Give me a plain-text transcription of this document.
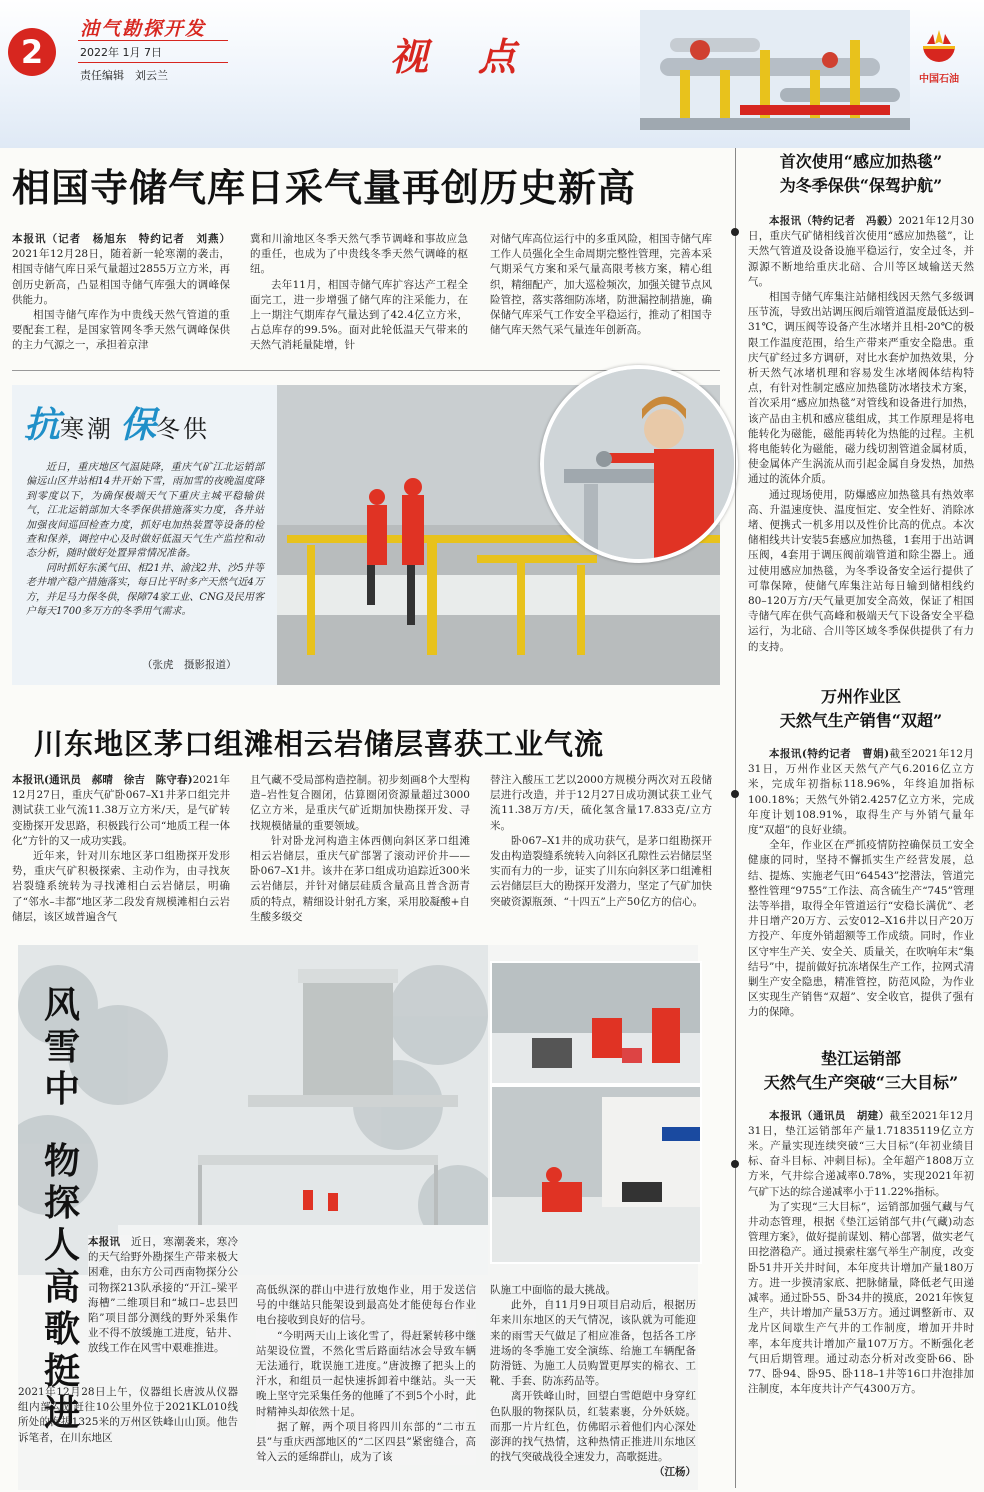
2
油气勘探开发
2022年 1月 7日
责任编辑　刘云兰	视　点
中国石油
相国寺储气库日采气量再创历史新高

本报讯（记者　杨旭东　特约记者　刘燕）2021年12月28日，随着新一轮寒潮的袭击，相国寺储气库日采气量超过2855万立方米，再创历史新高，凸显相国寺储气库强大的调峰保供能力。

相国寺储气库作为中贵线天然气管道的重要配套工程，是国家管网冬季天然气调峰保供的主力气源之一，承担着京津

冀和川渝地区冬季天然气季节调峰和事故应急的重任，也成为了中贵线冬季天然气调峰的枢纽。

去年11月，相国寺储气库扩容达产工程全面完工，进一步增强了储气库的注采能力，在上一期注气期库存气量达到了42.4亿立方米，占总库存的99.5%。面对此轮低温天气带来的天然气消耗量陡增，针

对储气库高位运行中的多重风险，相国寺储气库工作人员强化全生命周期完整性管理，完善本采气期采气方案和采气量高限考核方案，精心组织，精细配产，加大巡检频次，加强关键节点风险管控，落实落细防冻堵，防泄漏控制措施，确保储气库采气工作安全平稳运行，推动了相国寺储气库天然气采气量连年创新高。

抗寒潮 保冬供

近日，重庆地区气温陡降，重庆气矿江北运销部偏远山区井站相14井开始下雪，雨加雪的夜晚温度降到零度以下，为确保极端天气下重庆主城平稳输供气，江北运销部加大冬季保供措施落实力度，各井站加强夜间巡回检查力度，抓好电加热装置等设备的检查和保养，调控中心及时做好低温天气生产监控和动态分析，随时做好处置异常情况准备。

同时抓好东溪气田、相21井、渝浅2井、沙5井等老井增产稳产措施落实，每日比平时多产天然气近4万方，并足马力保冬供，保障74家工业、CNG及民用客户每天1700多万方的冬季用气需求。

（张虎　摄影报道）
川东地区茅口组滩相云岩储层喜获工业气流

本报讯(通讯员　郝晴　徐吉　陈守春)2021年12月27日，重庆气矿卧067–X1井茅口组完井测试获工业气流11.38万立方米/天，是气矿转变勘探开发思路，积极践行公司“地质工程一体化”方针的又一成功实践。

近年来，针对川东地区茅口组勘探开发形势，重庆气矿积极探索、主动作为，由寻找灰岩裂缝系统转为寻找滩相白云岩储层，明确了“邻水–丰都”地区茅二段发育规模滩相白云岩储层，该区域普遍含气

且气藏不受局部构造控制。初步刻画8个大型构造–岩性复合圈闭，估算圈闭资源量超过3000亿立方米，是重庆气矿近期加快勘探开发、寻找规模储量的重要领域。

针对卧龙河构造主体西侧向斜区茅口组滩相云岩储层，重庆气矿部署了滚动评价井——卧067–X1井。该井在茅口组成功追踪近300米云岩储层，并针对储层硅质含量高且普含沥青质的特点，精细设计射孔方案，采用胶凝酸+自生酸多级交

替注入酸压工艺以2000方规模分两次对五段储层进行改造，并于12月27日成功测试获工业气流11.38万方/天，硫化氢含量17.833克/立方米。

卧067–X1井的成功获气，是茅口组勘探开发由构造裂缝系统转入向斜区孔隙性云岩储层坚实而有力的一步，证实了川东向斜区茅口组滩相云岩储层巨大的勘探开发潜力，坚定了气矿加快突破资源瓶颈、“十四五”上产50亿方的信心。

风雪中
物探人高歌挺进

本报讯　 近日，寒潮袭来，寒冷的天气给野外勘探生产带来极大困难，由东方公司西南物探分公司物探213队承接的“开江–梁平海槽”二维项目和“城口–忠县凹陷”项目部分测线的野外采集作业不得不放缓施工进度，钻井、放线工作在风雪中艰难推进。

2021年12月28日上午，仪器组长唐波从仪器组内部勾划赶往10公里外位于2021KL010线所处的海拔1325米的万州区铁峰山山顶。他告诉笔者，在川东地区

高低纵深的群山中进行放炮作业，用于发送信号的中继站只能架设到最高处才能使每台作业电台接收到良好的信号。

“今明两天山上该化雪了，得赶紧转移中继站架设位置，不然化雪后路面结冰会导致车辆无法通行，耽误施工进度。”唐波擦了把头上的汗水，和组员一起快速拆卸着中继站。头一天晚上坚守完采集任务的他睡了不到5个小时，此时精神头却依然十足。

据了解，两个项目将四川东部的“二市五县”与重庆西部地区的“二区四县”紧密缝合，高耸入云的延绵群山，成为了该

队施工中面临的最大挑战。

此外，自11月9日项目启动后，根据历年来川东地区的天气情况，该队就为可能迎来的雨雪天气做足了相应准备，包括各工序进场的冬季施工安全演练、给施工车辆配备防滑链、为施工人员购置更厚实的棉衣、工靴、手套、防冻药品等。

离开铁峰山时，回望白雪皑皑中身穿红色队服的物探队员，红装素裹，分外妖娆。而那一片片红色，仿佛昭示着他们内心深处澎湃的找气热情，这种热情正推进川东地区的找气突破战役全速发力，高歌挺进。

（江杨）
首次使用“感应加热毯”
为冬季保供“保驾护航”

本报讯（特约记者　冯毅）2021年12月30日，重庆气矿储相线首次使用“感应加热毯”，让天然气管道及设备设施平稳运行，安全过冬，并源源不断地给重庆北碚、合川等区域输送天然气。

相国寺储气库集注站储相线因天然气多级调压节流，导致出站调压阀后端管道温度最低达到–31℃，调压阀等设备产生冰堵并且相-20℃的极限工作温度范围，给生产带来严重安全隐患。重庆气矿经过多方调研，对比水套炉加热效果，分析天然气冰堵机理和容易发生冰堵阀体结构特点，有针对性制定感应加热毯防冰堵技术方案，首次采用“感应加热毯”对管线和设备进行加热，该产品由主机和感应毯组成，其工作原理是将电能转化为磁能，磁能再转化为热能的过程。主机将电能转化为磁能，磁力线切割管道金属材质，使金属体产生涡流从而引起金属自身发热，加热通过的流体介质。

通过现场使用，防爆感应加热毯具有热效率高、升温速度快、温度恒定、安全性好、消除冰堵、便携式一机多用以及性价比高的优点。本次储相线共计安装5套感应加热毯，1套用于出站调压阀，4套用于调压阀前端管道和除尘器上。通过使用感应加热毯，为冬季设备安全运行提供了可靠保障，使储气库集注站每日输到储相线约80–120万方/天气量更加安全高效，保证了相国寺储气库在供气高峰和极端天气下设备安全平稳运行，为北碚、合川等区域冬季保供提供了有力的支持。

万州作业区
天然气生产销售“双超”

本报讯(特约记者　曹娟)截至2021年12月31日，万州作业区天然气产气6.2016亿立方米，完成年初指标118.96%，年终追加指标100.18%；天然气外销2.4257亿立方米，完成年度计划108.91%，取得生产与外销气量年度“双超”的良好业绩。

全年，作业区在严抓疫情防控确保员工安全健康的同时，坚持不懈抓实生产经营发展，总结、提炼、实施老气田“64543”挖潜法，管道完整性管理“9755”工作法、高含硫生产“745”管理法等举措，取得全年管道运行“安稳长满优”、老井日增产20万方、云安012–X16井以日产20万方投产、年度外销超额等工作成绩。同时，作业区守牢生产关、安全关、质量关，在吹响年末“集结号”中，提前做好抗冻堵保生产工作，拉网式清剿生产安全隐患，精准管控，防范风险，为作业区实现生产销售“双超”、安全收官，提供了强有力的保障。

垫江运销部
天然气生产突破“三大目标”

本报讯（通讯员　胡建）截至2021年12月31日，垫江运销部年产量1.71835119亿立方米。产量实现连续突破“三大目标”(年初业绩目标、奋斗目标、冲刺目标)。全年超产1808万立方米，气井综合递减率0.78%，实现2021年初气矿下达的综合递减率小于11.22%指标。

为了实现“三大目标”，运销部加强气藏与气井动态管理，根据《垫江运销部气井(气藏)动态管理方案》，做好提前谋划、精心部署，做实老气田挖潜稳产。通过摸索柱塞气举生产制度，改变卧51井开关井时间，本年度共计增加产量180万方。进一步摸清家底、把脉储量，降低老气田递减率。通过卧55、卧34井的摸底，2021年恢复生产，共计增加产量53万方。通过调整新市、双龙片区间歇生产气井的工作制度，增加开井时率，本年度共计增加产量107万方。不断强化老气田后期管理。通过动态分析对改变卧66、卧77、卧94、卧95、卧118–1井等16口井泡排加注制度，本年度共计产气4300万方。
